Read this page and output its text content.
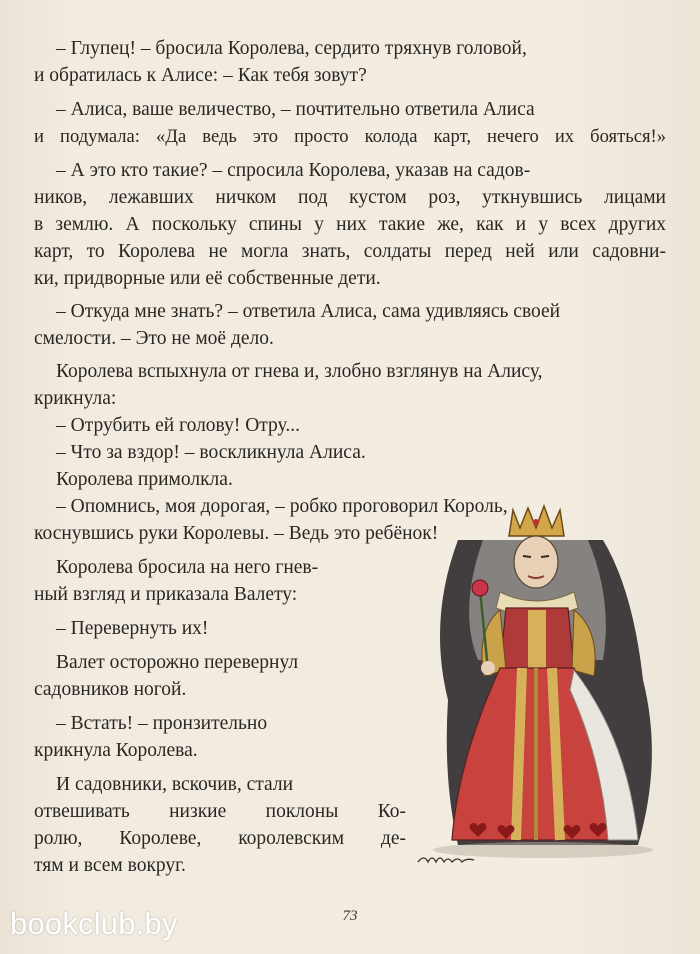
– Глупец! – бросила Королева, сердито тряхнув головой,
и обратилась к Алисе: – Как тебя зовут?
– Алиса, ваше величество, – почтительно ответила Алиса
и подумала: «Да ведь это просто колода карт, нечего их бояться!»
– А это кто такие? – спросила Королева, указав на садов-
ников, лежавших ничком под кустом роз, уткнувшись лицами
в землю. А поскольку спины у них такие же, как и у всех других
карт, то Королева не могла знать, солдаты перед ней или садовни-
ки, придворные или её собственные дети.
– Откуда мне знать? – ответила Алиса, сама удивляясь своей
смелости. – Это не моё дело.
Королева вспыхнула от гнева и, злобно взглянув на Алису,
крикнула:
– Отрубить ей голову! Отру...
– Что за вздор! – воскликнула Алиса.
Королева примолкла.
– Опомнись, моя дорогая, – робко проговорил Король,
коснувшись руки Королевы. – Ведь это ребёнок!
Королева бросила на него гнев-
ный взгляд и приказала Валету:
– Перевернуть их!
Валет осторожно перевернул
садовников ногой.
– Встать! – пронзительно
крикнула Королева.
И садовники, вскочив, стали
отвешивать низкие поклоны Ко-
ролю, Королеве, королевским де-
тям и всем вокруг.
73
bookclub.by
